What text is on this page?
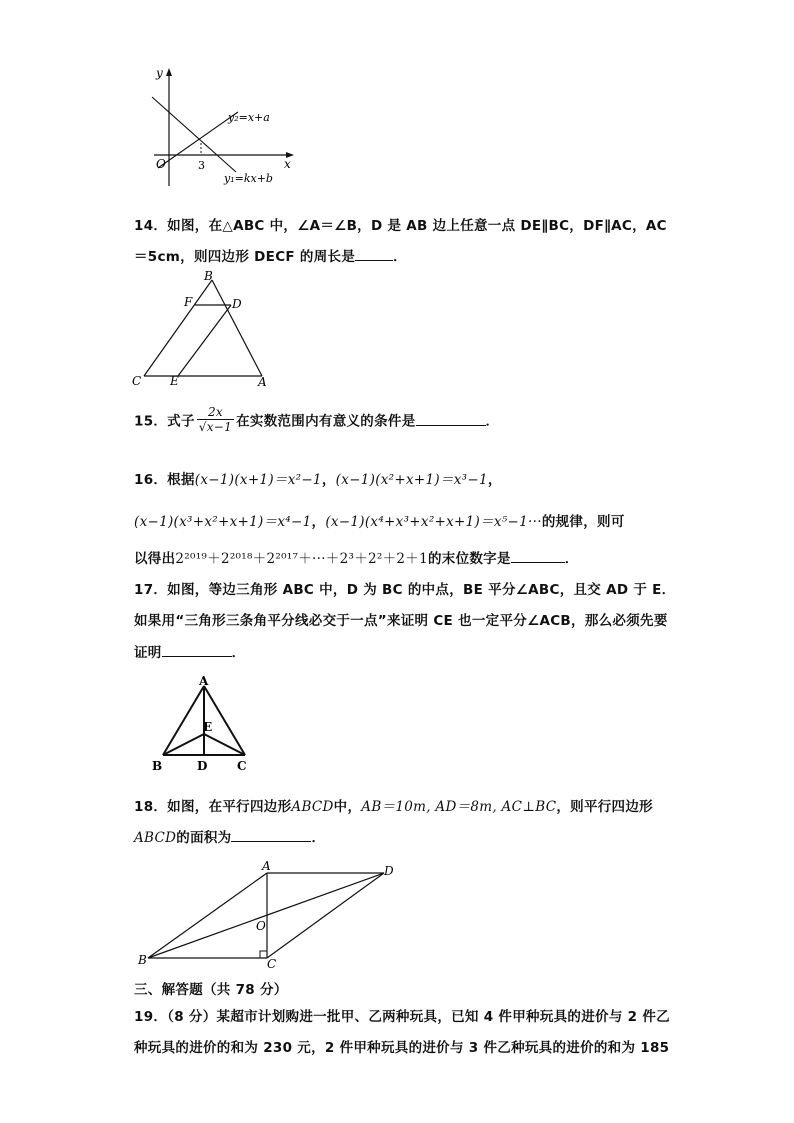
y
x
O	3
y₂=x+a
y₁=kx+b
14．如图，在△ABC 中，∠A＝∠B，D 是 AB 边上任意一点 DE∥BC，DF∥AC，AC
＝5cm，则四边形 DECF 的周长是	．
B
F	D
C E	A
15．式子 $\frac{2x}{√x-1}$ 在实数范围内有意义的条件是	．
16．根据(x−1)(x+1)＝x²−1，(x−1)(x²+x+1)＝x³−1，
(x−1)(x³+x²+x+1)＝x⁴−1，(x−1)(x⁴+x³+x²+x+1)＝x⁵−1···的规律，则可
以得出2²⁰¹⁹＋2²⁰¹⁸＋2²⁰¹⁷＋···＋2³＋2²＋2＋1的末位数字是	．
17．如图，等边三角形 ABC 中，D 为 BC 的中点，BE 平分∠ABC，且交 AD 于 E．
如果用“三角形三条角平分线必交于一点”来证明 CE 也一定平分∠ACB，那么必须先要
证明	．
A
E
B	D C
18．如图，在平行四边形ABCD中，AB＝10m, AD＝8m, AC⊥BC，则平行四边形
ABCD的面积为	．
A	D
O
B	C
三、解答题（共 78 分）
19．（8 分）某超市计划购进一批甲、乙两种玩具，已知 4 件甲种玩具的进价与 2 件乙
种玩具的进价的和为 230 元，2 件甲种玩具的进价与 3 件乙种玩具的进价的和为 185
